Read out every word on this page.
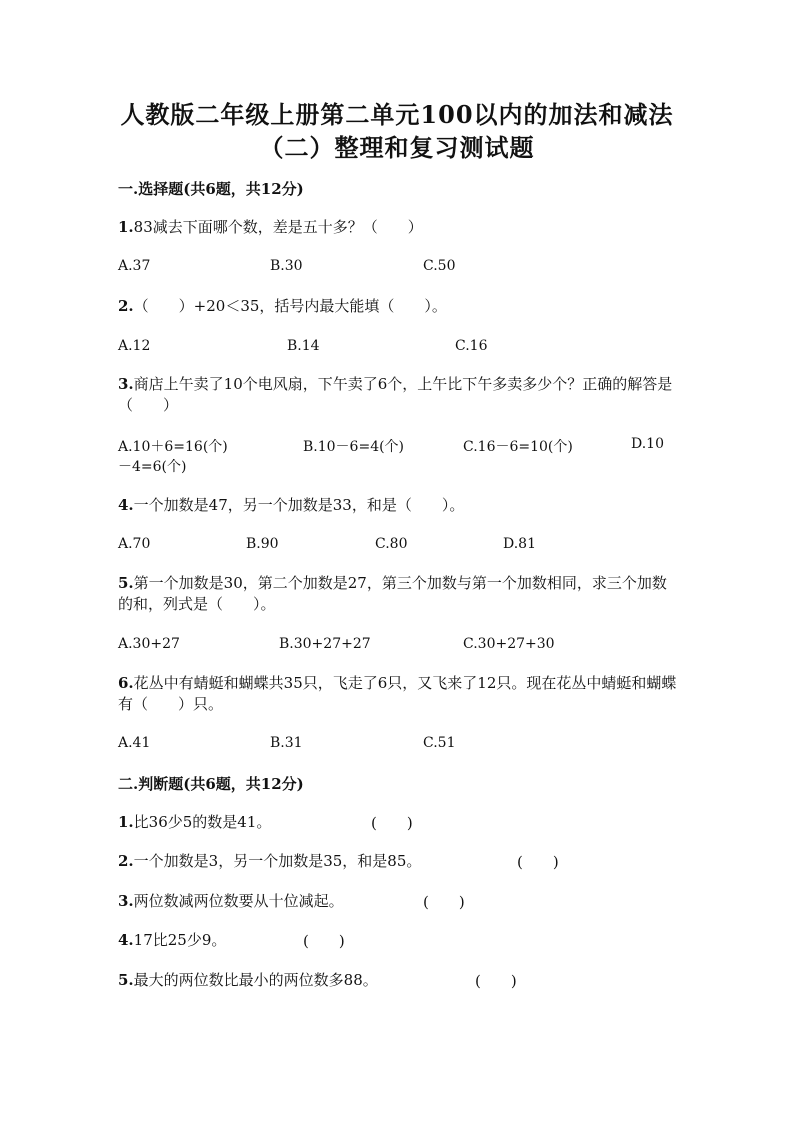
人教版二年级上册第二单元100以内的加法和减法
（二）整理和复习测试题
一.选择题(共6题，共12分)
1.83减去下面哪个数，差是五十多？（　　）
A.37	B.30	C.50
2.（　　）+20＜35，括号内最大能填（　　）。
A.12	B.14	C.16
3.商店上午卖了10个电风扇，下午卖了6个，上午比下午多卖多少个？正确的解答是（　　）
A.10＋6=16(个)	B.10－6=4(个)	C.16－6=10(个)	D.10
－4=6(个)
4.一个加数是47，另一个加数是33，和是（　　）。
A.70	B.90	C.80	D.81
5.第一个加数是30，第二个加数是27，第三个加数与第一个加数相同，求三个加数的和，列式是（　　）。
A.30+27	B.30+27+27	C.30+27+30
6.花丛中有蜻蜓和蝴蝶共35只，飞走了6只，又飞来了12只。现在花丛中蜻蜓和蝴蝶有（　　）只。
A.41	B.31	C.51
二.判断题(共6题，共12分)
1.比36少5的数是41。	(　　)
2.一个加数是3，另一个加数是35，和是85。	(　　)
3.两位数减两位数要从十位减起。	(　　)
4.17比25少9。	(　　)
5.最大的两位数比最小的两位数多88。	(　　)
